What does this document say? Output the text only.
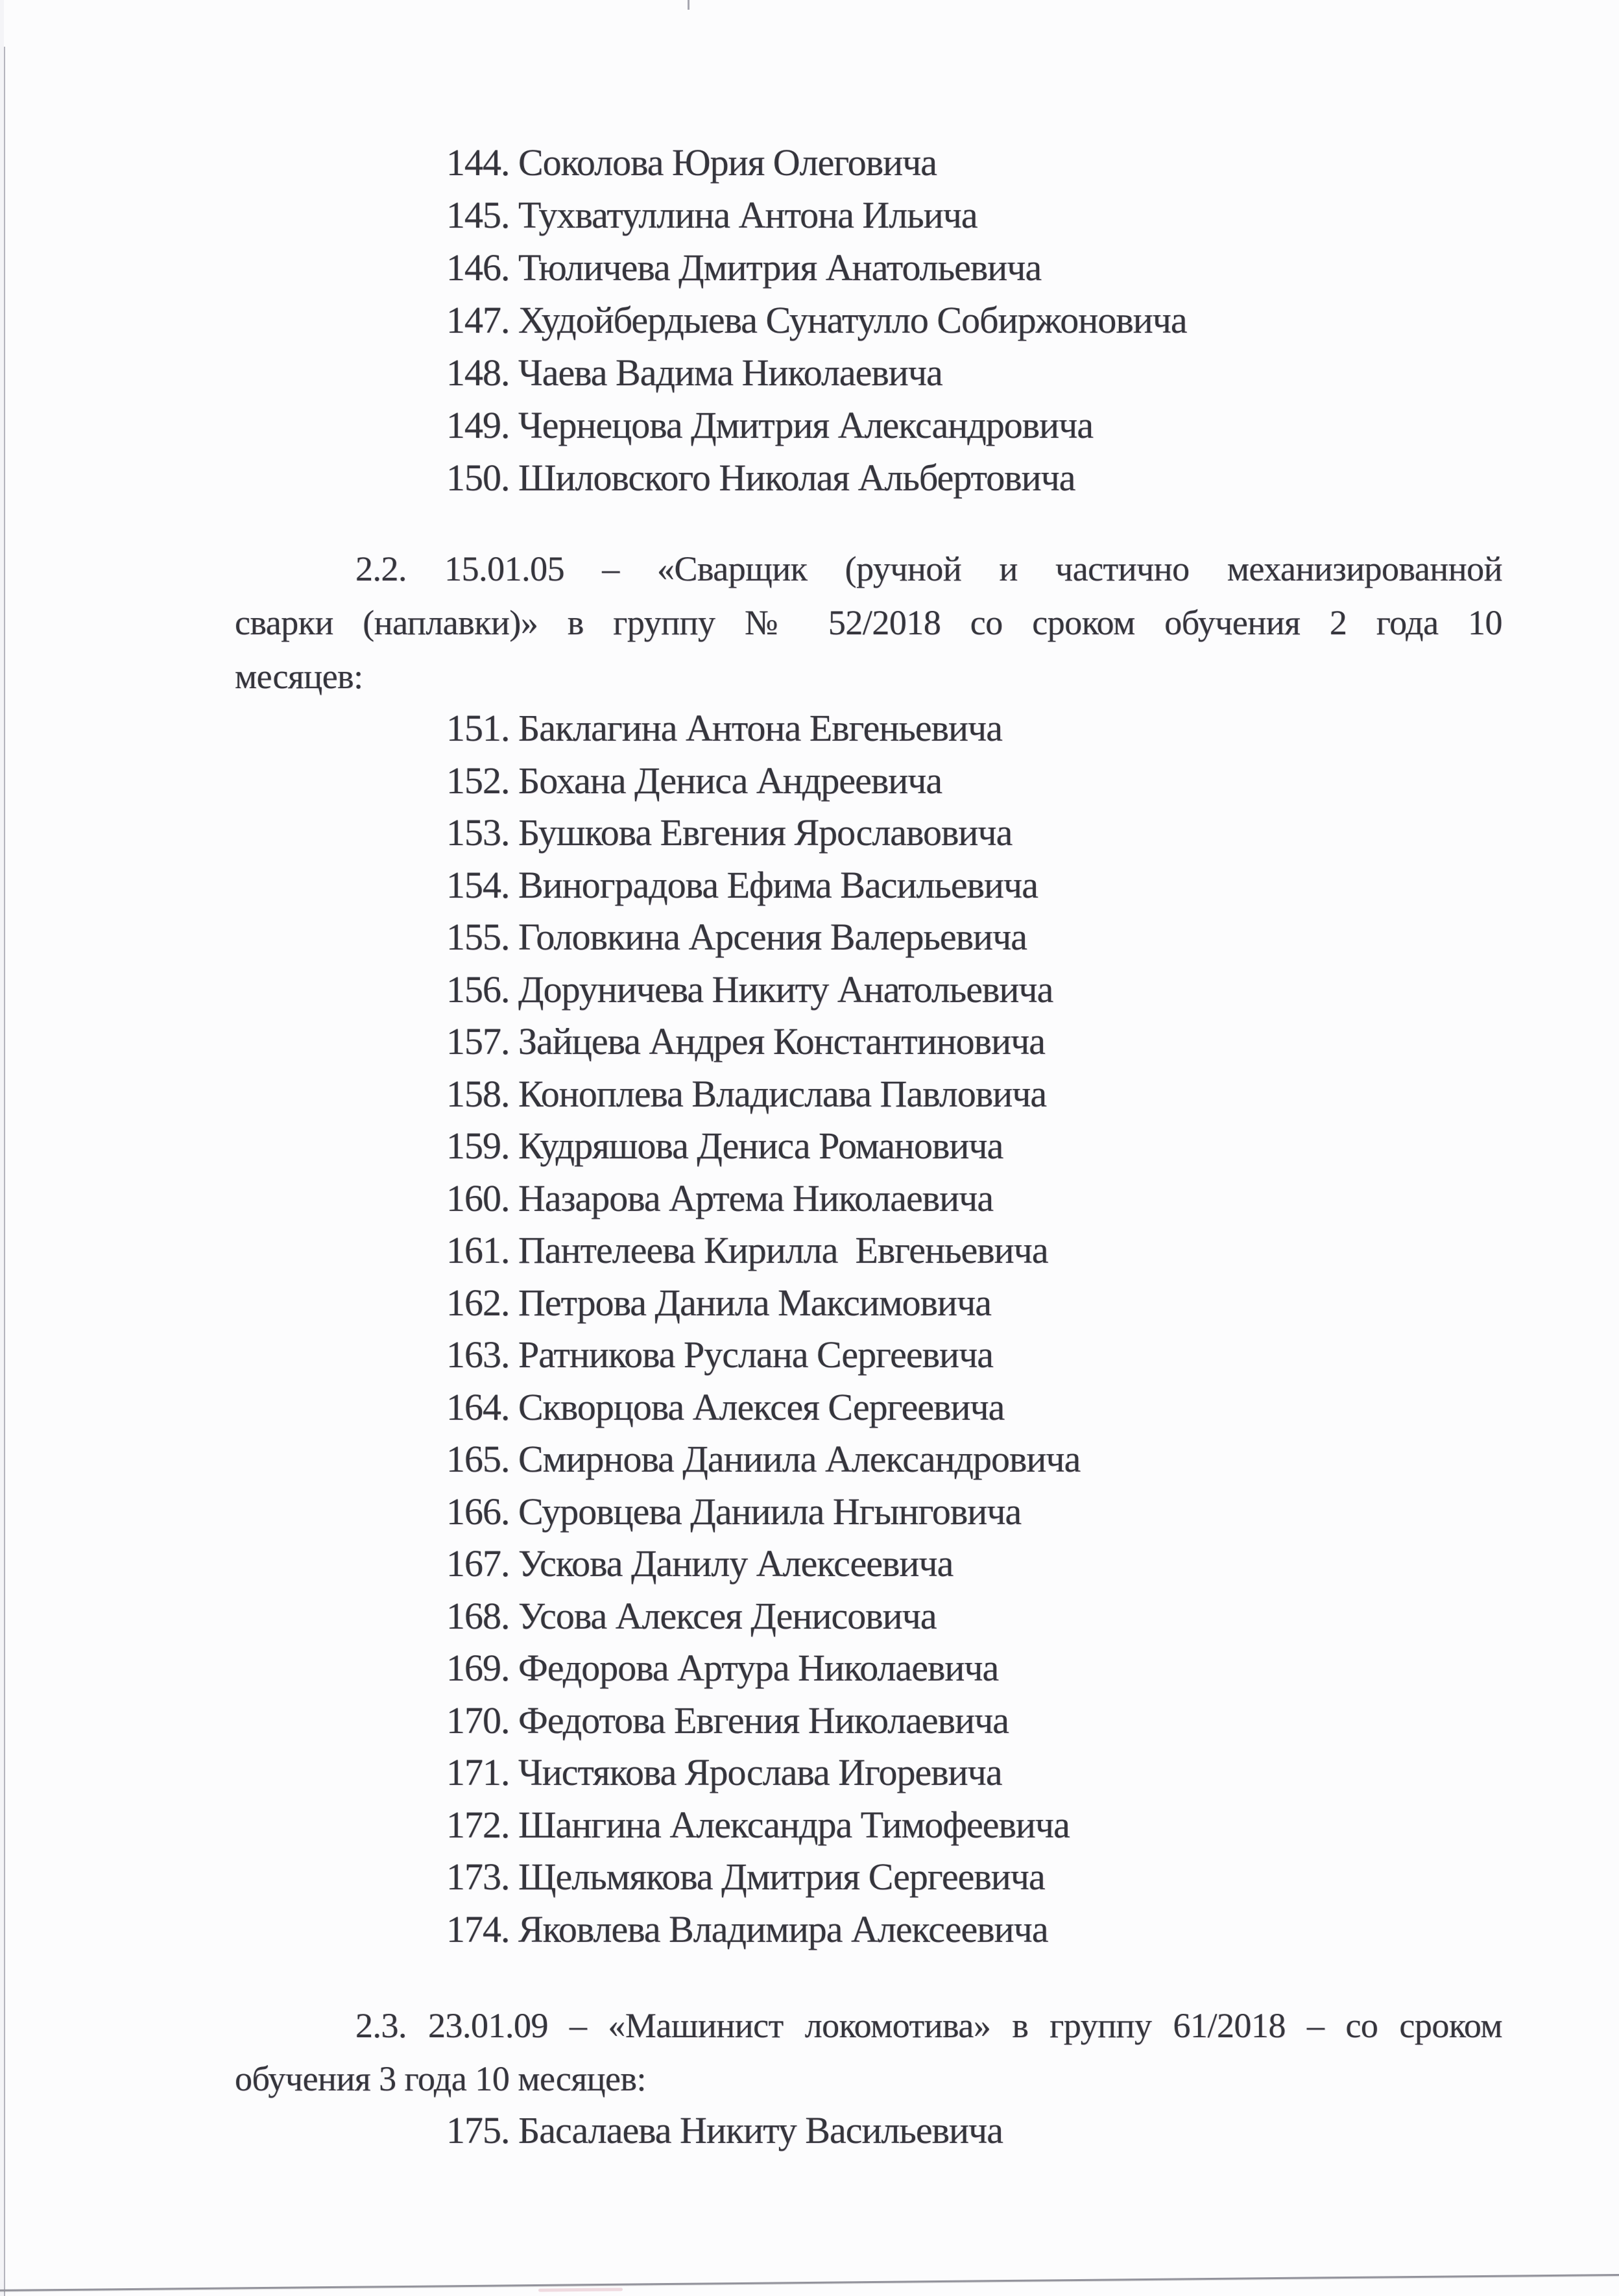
144. Соколова Юрия Олеговича
145. Тухватуллина Антона Ильича
146. Тюличева Дмитрия Анатольевича
147. Худойбердыева Сунатулло Собиржоновича
148. Чаева Вадима Николаевича
149. Чернецова Дмитрия Александровича
150. Шиловского Николая Альбертовича
2.2. 15.01.05 – «Сварщик (ручной и частично механизированной
сварки (наплавки)» в группу № 52/2018 со сроком обучения 2 года 10
месяцев:
151. Баклагина Антона Евгеньевича
152. Бохана Дениса Андреевича
153. Бушкова Евгения Ярославовича
154. Виноградова Ефима Васильевича
155. Головкина Арсения Валерьевича
156. Доруничева Никиту Анатольевича
157. Зайцева Андрея Константиновича
158. Коноплева Владислава Павловича
159. Кудряшова Дениса Романовича
160. Назарова Артема Николаевича
161. Пантелеева Кирилла  Евгеньевича
162. Петрова Данила Максимовича
163. Ратникова Руслана Сергеевича
164. Скворцова Алексея Сергеевича
165. Смирнова Даниила Александровича
166. Суровцева Даниила Нгынговича
167. Ускова Данилу Алексеевича
168. Усова Алексея Денисовича
169. Федорова Артура Николаевича
170. Федотова Евгения Николаевича
171. Чистякова Ярослава Игоревича
172. Шангина Александра Тимофеевича
173. Щельмякова Дмитрия Сергеевича
174. Яковлева Владимира Алексеевича
2.3. 23.01.09 – «Машинист локомотива» в группу 61/2018 – со сроком
обучения 3 года 10 месяцев:
175. Басалаева Никиту Васильевича
